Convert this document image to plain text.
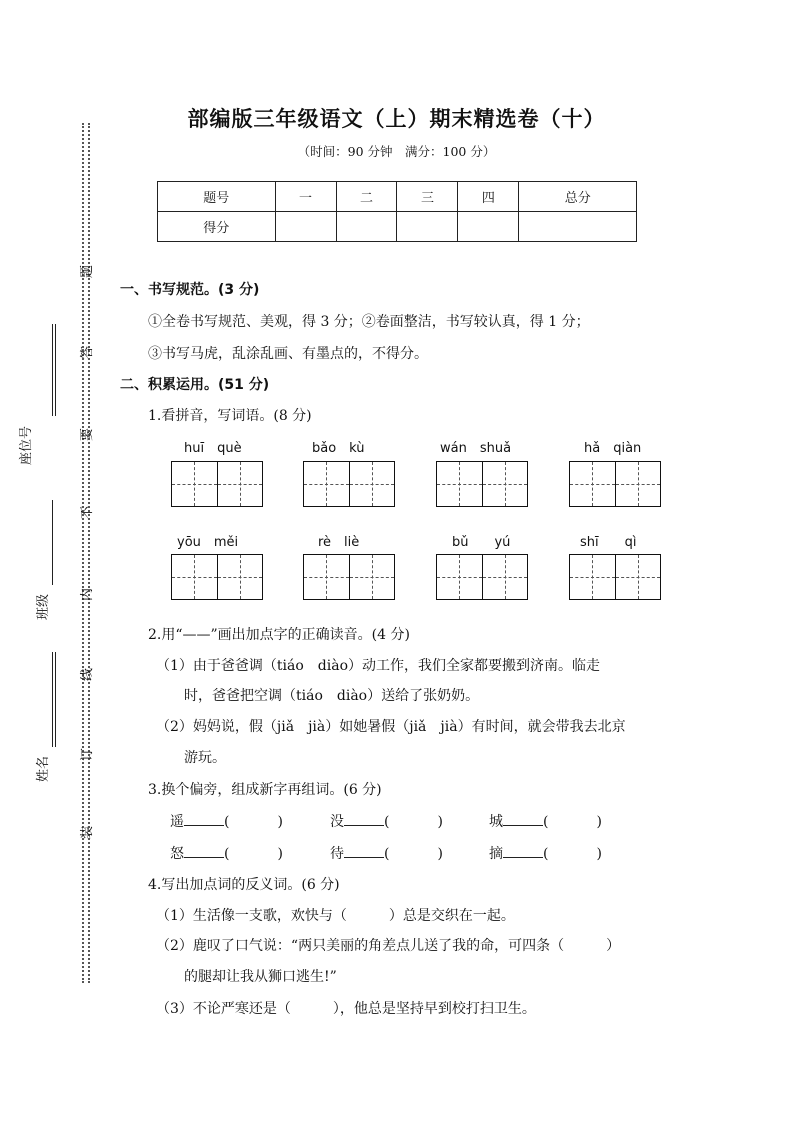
题
答
要
不
内
线
订
装
座位号
班级
姓名
部编版三年级语文（上）期末精选卷（十）
（时间：90 分钟　满分：100 分）
题号	一	二	三	四	总分
得分					
一、书写规范。(3 分)
①全卷书写规范、美观，得 3 分；②卷面整洁，书写较认真，得 1 分；
③书写马虎，乱涂乱画、有墨点的，不得分。
二、积累运用。(51 分)
1.看拼音，写词语。(8 分)
huī　què	bǎo　kù	wán　shuǎ	hǎ　qiàn
yōu　měi	rè　liè	bǔ　　yú	shī　　qì
2.用“——”画出加点字的正确读音。(4 分)
（1）由于爸爸调（tiáo　diào）动工作，我们全家都要搬到济南。临走
时，爸爸把空调（tiáo　diào）送给了张奶奶。
（2）妈妈说，假（jiǎ　jià）如她暑假（jiǎ　jià）有时间，就会带我去北京
游玩。
3.换个偏旁，组成新字再组词。(6 分)
遥	(	)	没	(	)	城	(	)
怒	(	)	待	(	)	摘	(	)
4.写出加点词的反义词。(6 分)
（1）生活像一支歌，欢快与（　　　）总是交织在一起。
（2）鹿叹了口气说：“两只美丽的角差点儿送了我的命，可四条（　　　）
的腿却让我从狮口逃生!”
（3）不论严寒还是（　　　），他总是坚持早到校打扫卫生。
